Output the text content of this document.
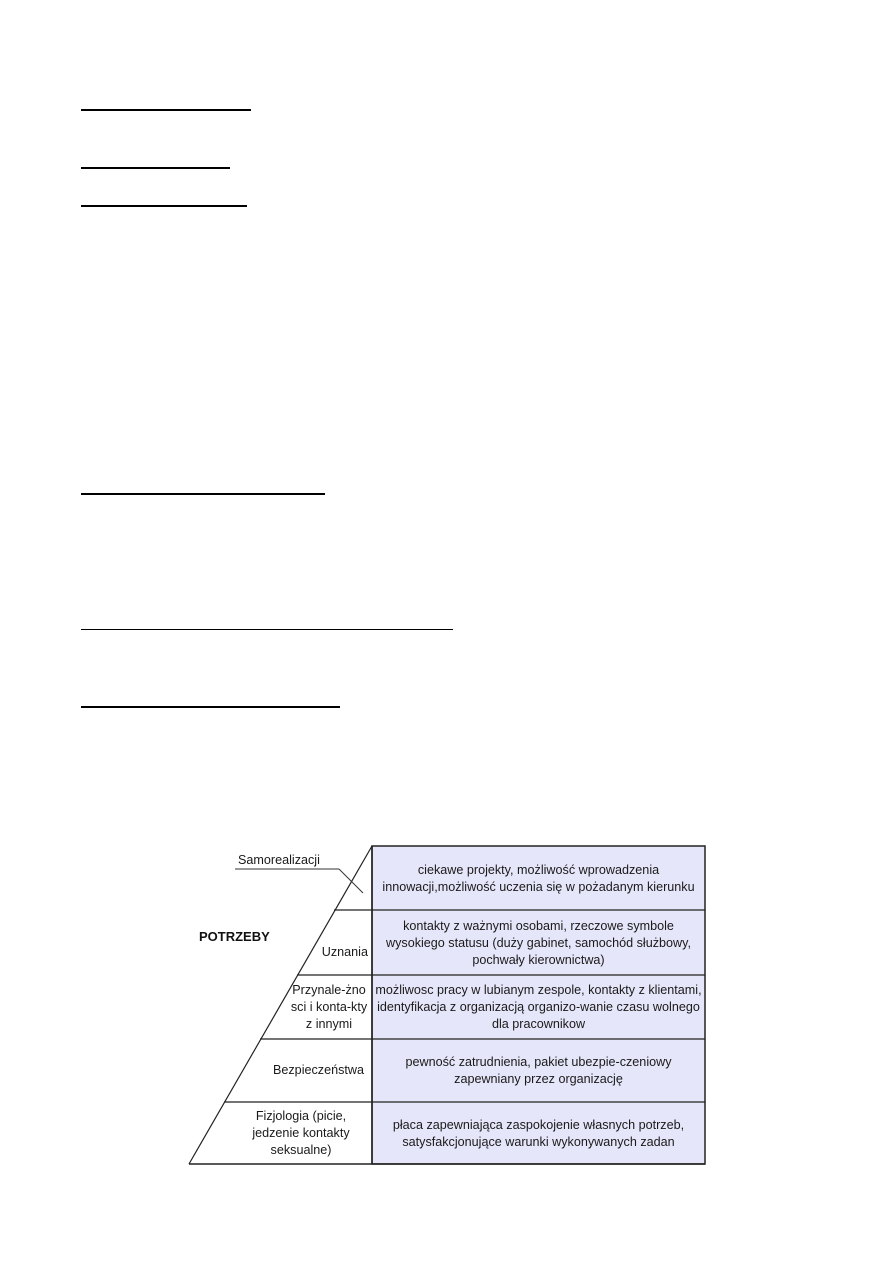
POTRZEBY
Samorealizacji
Uznania
Przynale-żnosci i konta-kty z innymi
Bezpieczeństwa
Fizjologia (picie, jedzenie kontakty seksualne)
ciekawe projekty, możliwość wprowadzenia innowacji,możliwość uczenia się w pożadanym kierunku
kontakty z ważnymi osobami, rzeczowe symbole wysokiego statusu (duży gabinet, samochód służbowy, pochwały kierownictwa)
możliwosc pracy w lubianym zespole, kontakty z klientami, identyfikacja z organizacją organizo-wanie czasu wolnego dla pracownikow
pewność zatrudnienia, pakiet ubezpie-czeniowy zapewniany przez organizację
płaca zapewniająca zaspokojenie własnych potrzeb, satysfakcjonujące warunki wykonywanych zadan
